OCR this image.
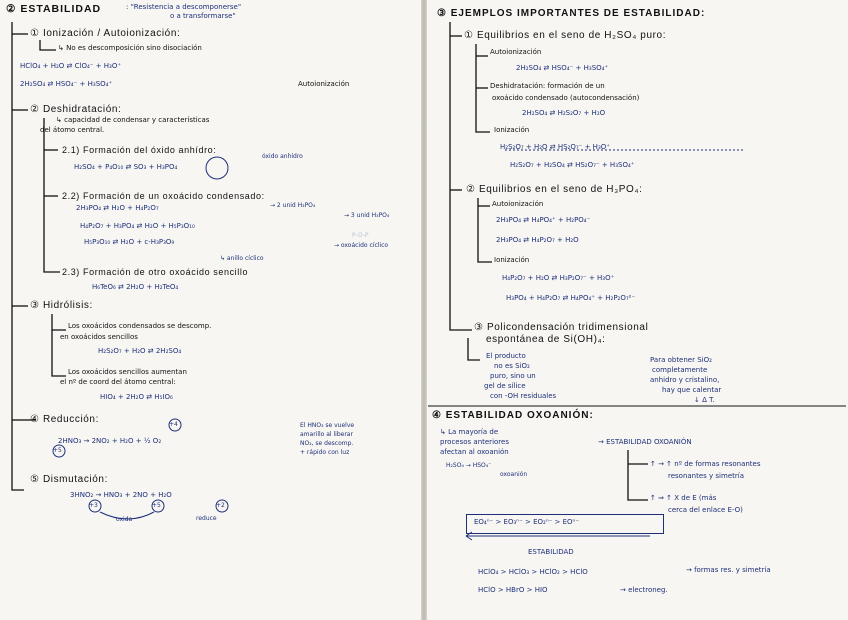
② ESTABILIDAD	: "Resistencia a descomponerse"
o a transformarse"
① Ionización / Autoionización:
↳ No es descomposición sino disociación
HClO₄ + H₂O ⇄ ClO₄⁻ + H₃O⁺
2H₂SO₄ ⇄ HSO₄⁻ + H₃SO₄⁺	Autoionización
② Deshidratación:
↳ capacidad de condensar y características
del átomo central.
2.1) Formación del óxido anhídro:
H₂SO₄ + P₄O₁₀ ⇄ SO₃ + H₃PO₄
óxido anhídro
2.2) Formación de un oxoácido condensado:
2H₃PO₄ ⇄ H₂O + H₄P₂O₇	→ 2 unid H₃PO₄
H₄P₂O₇ + H₃PO₄ ⇄ H₂O + H₅P₃O₁₀
→ 3 unid H₃PO₄
H₅P₃O₁₀ ⇄ H₂O + c-H₃P₃O₉	→ oxoácido cíclico
P-O-P
↳ anillo cíclico
2.3) Formación de otro oxoácido sencillo
H₆TeO₆ ⇄ 2H₂O + H₂TeO₄
③ Hidrólisis:
Los oxoácidos condensados se descomp.
en oxoácidos sencillos
H₂S₂O₇ + H₂O ⇄ 2H₂SO₄
Los oxoácidos sencillos aumentan
el nº de coord del átomo central:
HIO₄ + 2H₂O ⇄ H₅IO₆
④ Reducción:
2HNO₃ → 2NO₂ + H₂O + ½ O₂
+5
+4	El HNO₃ se vuelve
amarillo al liberar
NO₂, se descomp.
+ rápido con luz
⑤ Dismutación:
3HNO₂ → HNO₃ + 2NO + H₂O
+3	+5	+2
oxida	reduce
③ EJEMPLOS IMPORTANTES DE ESTABILIDAD:
① Equilibrios en el seno de H₂SO₄ puro:
Autoionización
2H₂SO₄ ⇄ HSO₄⁻ + H₃SO₄⁺
Deshidratación: formación de un
oxoácido condensado (autocondensación)
2H₂SO₄ ⇄ H₂S₂O₇ + H₂O
Ionización
H₂S₂O₇ + H₂O ⇄ HS₂O₇⁻ + H₃O⁺
H₂S₂O₇ + H₂SO₄ ⇄ HS₂O₇⁻ + H₃SO₄⁺
② Equilibrios en el seno de H₃PO₄:
Autoionización
2H₃PO₄ ⇄ H₄PO₄⁺ + H₂PO₄⁻
2H₃PO₄ ⇄ H₄P₂O₇ + H₂O
Ionización
H₄P₂O₇ + H₂O ⇄ H₃P₂O₇⁻ + H₃O⁺
H₃PO₄ + H₄P₂O₇ ⇄ H₄PO₄⁺ + H₂P₂O₇²⁻
③ Policondensación tridimensional
espontánea de Si(OH)₄:
El producto
no es SiO₂
puro, sino un
gel de sílice
con -OH residuales
Para obtener SiO₂
completamente
anhidro y cristalino,
hay que calentar
↓ Δ T.
④ ESTABILIDAD OXOANIÓN:
↳ La mayoría de
procesos anteriores
afectan al oxoanión
→ ESTABILIDAD OXOANIÓN
H₂SO₄ → HSO₄⁻
oxoanión
↑ → ↑ nº de formas resonantes
resonantes y simetría
↑ ⇒ ↑ X de E (más
cerca del enlace E-O)
EO₄ⁿ⁻ > EO₃ⁿ⁻ > EO₂ⁿ⁻ > EOⁿ⁻
ESTABILIDAD
HClO₄ > HClO₃ > HClO₂ > HClO	→ formas res. y simetría
HClO > HBrO > HIO	→ electroneg.
